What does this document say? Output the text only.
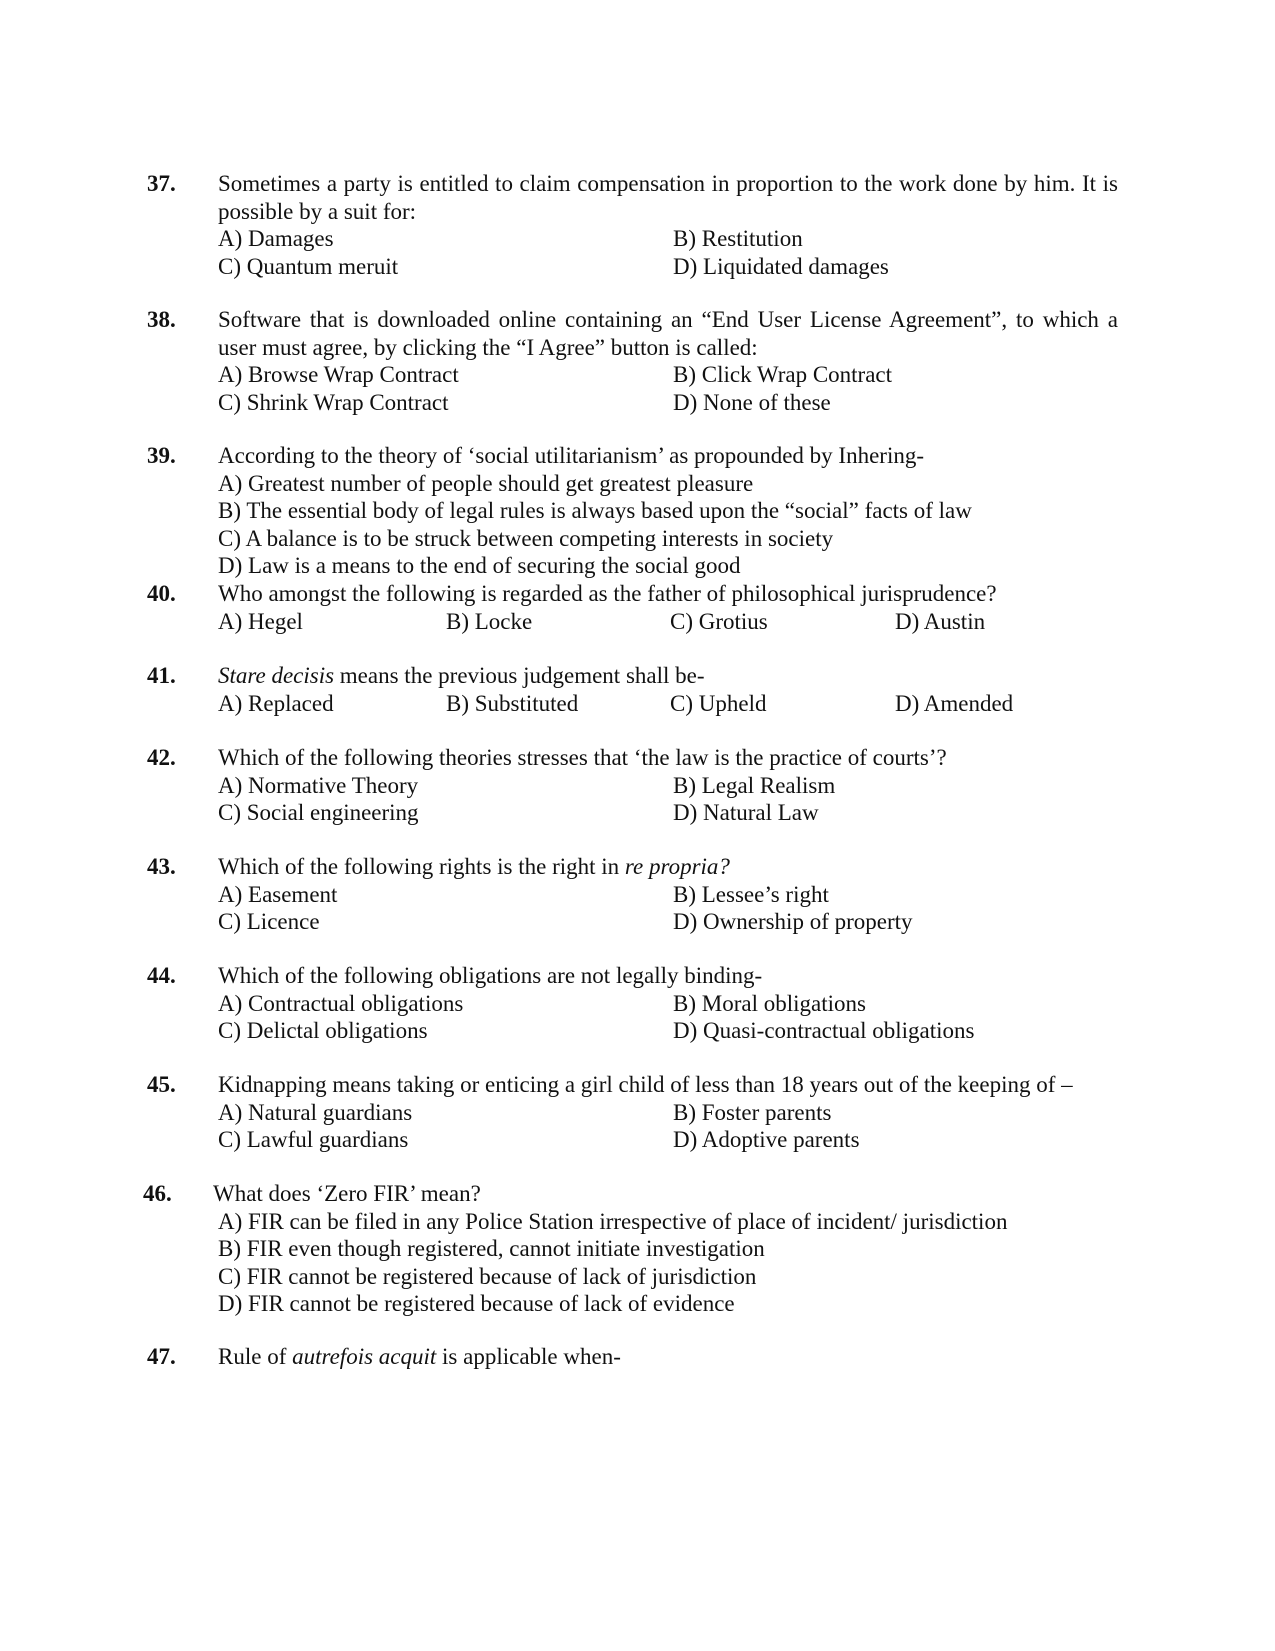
37. Sometimes a party is entitled to claim compensation in proportion to the work done by him. It is possible by a suit for:
A) Damages	B) Restitution
C) Quantum meruit	D) Liquidated damages
38. Software that is downloaded online containing an “End User License Agreement”, to which a user must agree, by clicking the “I Agree” button is called:
A) Browse Wrap Contract	B) Click Wrap Contract
C) Shrink Wrap Contract	D) None of these
39. According to the theory of ‘social utilitarianism’ as propounded by Inhering-
A) Greatest number of people should get greatest pleasure
B) The essential body of legal rules is always based upon the “social” facts of law
C) A balance is to be struck between competing interests in society
D) Law is a means to the end of securing the social good
40. Who amongst the following is regarded as the father of philosophical jurisprudence?
A) Hegel	B) Locke	C) Grotius	D) Austin
41. Stare decisis means the previous judgement shall be-
A) Replaced	B) Substituted	C) Upheld	D) Amended
42. Which of the following theories stresses that ‘the law is the practice of courts’?
A) Normative Theory	B) Legal Realism
C) Social engineering	D) Natural Law
43. Which of the following rights is the right in re propria?
A) Easement	B) Lessee’s right
C) Licence	D) Ownership of property
44. Which of the following obligations are not legally binding-
A) Contractual obligations	B) Moral obligations
C) Delictal obligations	D) Quasi-contractual obligations
45. Kidnapping means taking or enticing a girl child of less than 18 years out of the keeping of –
A) Natural guardians	B) Foster parents
C) Lawful guardians	D) Adoptive parents
46. What does ‘Zero FIR’ mean?
A) FIR can be filed in any Police Station irrespective of place of incident/ jurisdiction
B) FIR even though registered, cannot initiate investigation
C) FIR cannot be registered because of lack of jurisdiction
D) FIR cannot be registered because of lack of evidence
47. Rule of autrefois acquit is applicable when-
